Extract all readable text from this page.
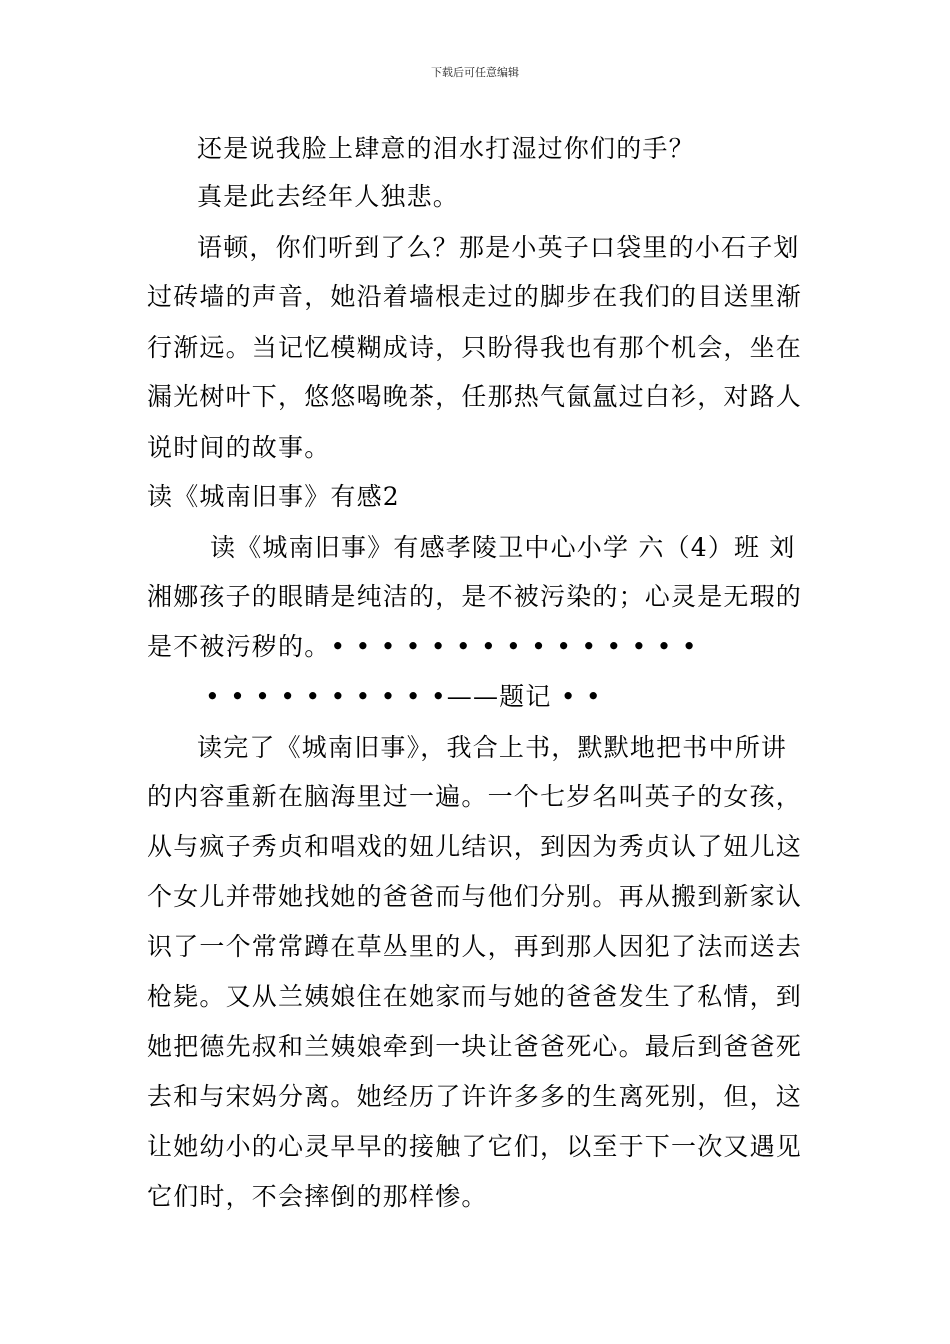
下载后可任意编辑
还是说我脸上肆意的泪水打湿过你们的手？
真是此去经年人独悲。
语顿，你们听到了么？那是小英子口袋里的小石子划
过砖墙的声音，她沿着墙根走过的脚步在我们的目送里渐
行渐远。当记忆模糊成诗，只盼得我也有那个机会，坐在
漏光树叶下，悠悠喝晚茶，任那热气氤氲过白衫，对路人
说时间的故事。
读《城南旧事》有感2
读《城南旧事》有感孝陵卫中心小学 六（4）班 刘
湘娜孩子的眼睛是纯洁的，是不被污染的；心灵是无瑕的
是不被污秽的。• • • • • • • • • • • • • • •
• • • • • • • • • •——题记 • •
读完了《城南旧事》，我合上书，默默地把书中所讲
的内容重新在脑海里过一遍。一个七岁名叫英子的女孩，
从与疯子秀贞和唱戏的妞儿结识，到因为秀贞认了妞儿这
个女儿并带她找她的爸爸而与他们分别。再从搬到新家认
识了一个常常蹲在草丛里的人，再到那人因犯了法而送去
枪毙。又从兰姨娘住在她家而与她的爸爸发生了私情，到
她把德先叔和兰姨娘牵到一块让爸爸死心。最后到爸爸死
去和与宋妈分离。她经历了许许多多的生离死别，但，这
让她幼小的心灵早早的接触了它们，以至于下一次又遇见
它们时，不会摔倒的那样惨。
